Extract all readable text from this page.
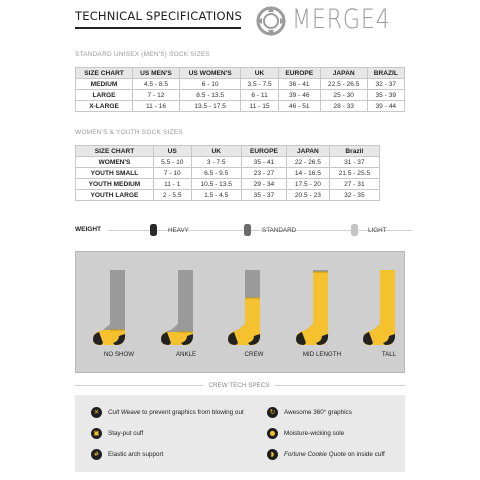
TECHNICAL SPECIFICATIONS MERGE4
STANDARD UNISEX (MEN'S) SOCK SIZES
SIZE CHART	US MEN'S	US WOMEN'S	UK	EUROPE	JAPAN	BRAZIL
MEDIUM	4.5 - 8.5	6 - 10	3.5 - 7.5	36 - 41	22.5 - 26.5	32 - 37
LARGE	7 - 12	8.5 - 13.5	6 - 11	39 - 46	25 - 30	35 - 39
X-LARGE	11 - 16	13.5 - 17.5	11 - 15	46 - 51	28 - 33	39 - 44
WOMEN'S & YOUTH SOCK SIZES
SIZE CHART	US	UK	EUROPE	JAPAN	Brazil
WOMEN'S	5.5 - 10	3 - 7.5	35 - 41	22 - 26.5	31 - 37
YOUTH SMALL	7 - 10	6.5 - 9.5	23 - 27	14 - 16.5	21.5 - 25.5
YOUTH MEDIUM	11 - 1	10.5 - 13.5	29 - 34	17.5 - 20	27 - 31
YOUTH LARGE	2 - 5.5	1.5 - 4.5	35 - 37	20.5 - 23	32 - 35
WEIGHT	HEAVY	STANDARD	LIGHT
NO SHOW	ANKLE	CREW	MID LENGTH	TALL
CREW TECH SPECS
✕ Cult Weave to prevent graphics from blowing out
▣ Stay-put cuff
# Elastic arch support
↻ Awesome 360° graphics
● Moisture-wicking sole
◗ Fortune Cookie Quote on inside cuff
